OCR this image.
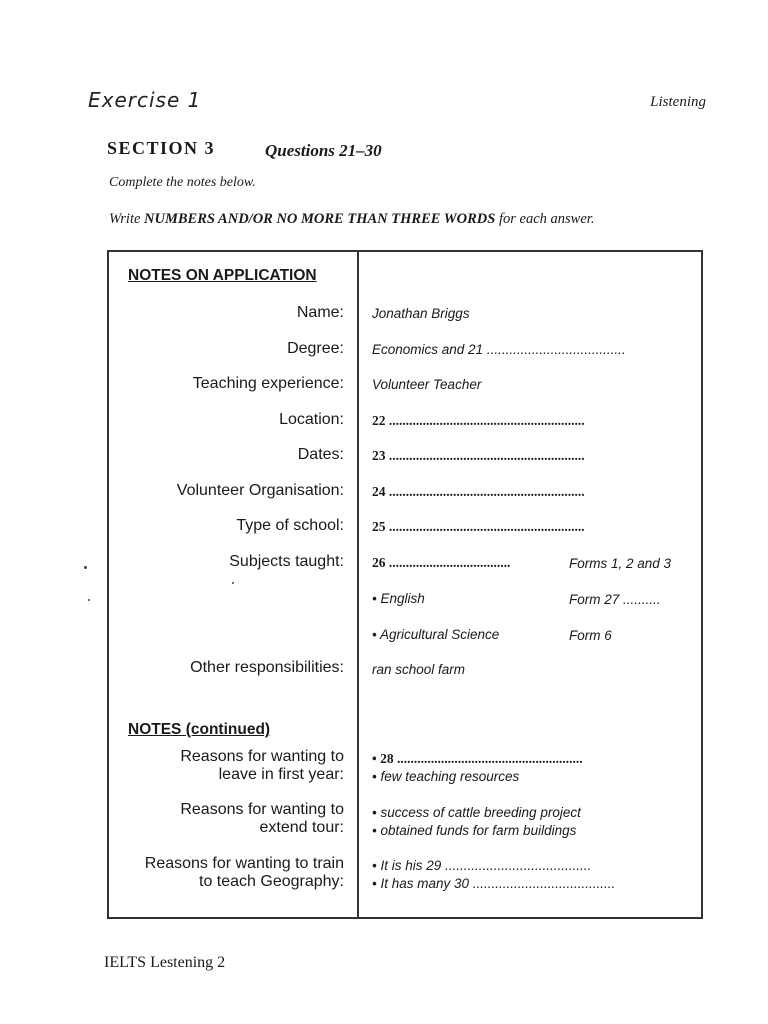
Exercise 1	Listening
SECTION 3	Questions 21–30
Complete the notes below.
Write NUMBERS AND/OR NO MORE THAN THREE WORDS for each answer.
NOTES ON APPLICATION
Name: Jonathan Briggs
Degree: Economics and 21 .....................................
Teaching experience: Volunteer Teacher
Location: 22 ..........................................................
Dates: 23 ..........................................................
Volunteer Organisation: 24 ..........................................................
Type of school: 25 ..........................................................
Subjects taught: 26 ....................................	Forms 1, 2 and 3
• English	Form 27 ..........
• Agricultural Science	Form 6
Other responsibilities: ran school farm
NOTES (continued)
Reasons for wanting to
leave in first year:
• 28 .......................................................
• few teaching resources
Reasons for wanting to
extend tour:
• success of cattle breeding project
• obtained funds for farm buildings
Reasons for wanting to train
to teach Geography:
• It is his 29 .......................................
• It has many 30 ......................................
IELTS Lestening 2
